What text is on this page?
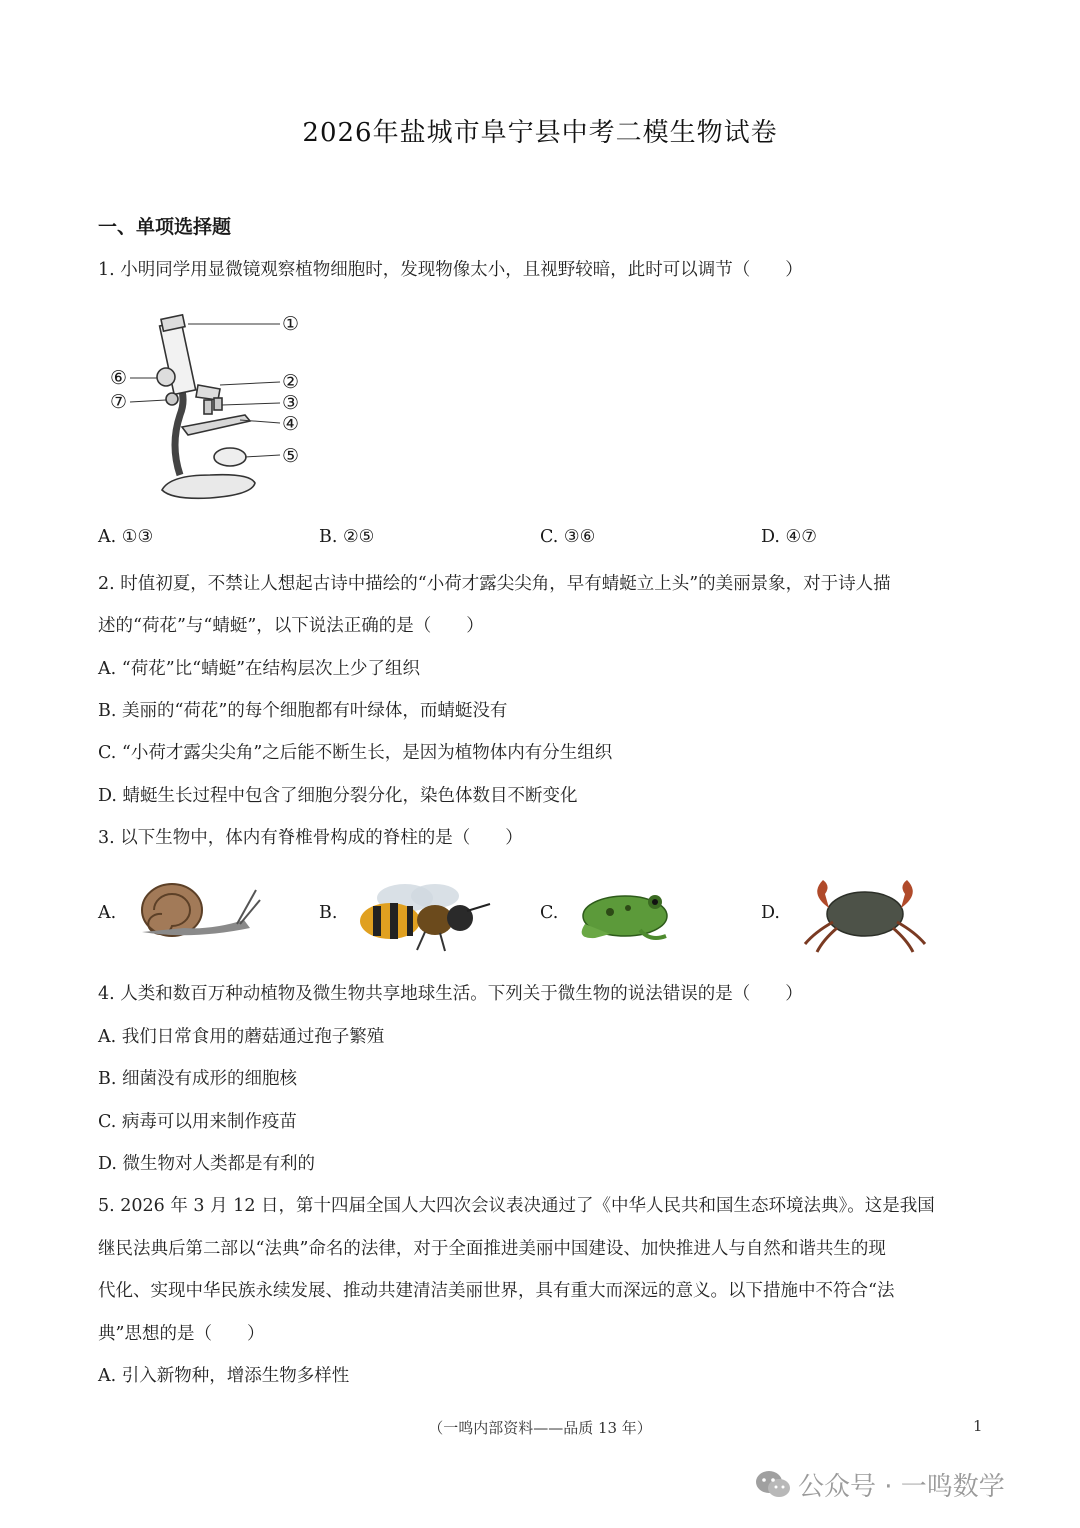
2026年盐城市阜宁县中考二模生物试卷
一、单项选择题
1. 小明同学用显微镜观察植物细胞时，发现物像太小，且视野较暗，此时可以调节（　　）
①
②
③
④
⑤
⑥
⑦
A. ①③	B. ②⑤	C. ③⑥	D. ④⑦
2. 时值初夏，不禁让人想起古诗中描绘的“小荷才露尖尖角，早有蜻蜓立上头”的美丽景象，对于诗人描
述的“荷花”与“蜻蜓”，以下说法正确的是（　　）
A. “荷花”比“蜻蜓”在结构层次上少了组织
B. 美丽的“荷花”的每个细胞都有叶绿体，而蜻蜓没有
C. “小荷才露尖尖角”之后能不断生长，是因为植物体内有分生组织
D. 蜻蜓生长过程中包含了细胞分裂分化，染色体数目不断变化
3. 以下生物中，体内有脊椎骨构成的脊柱的是（　　）
A.	B.	C.	D.
4. 人类和数百万种动植物及微生物共享地球生活。下列关于微生物的说法错误的是（　　）
A. 我们日常食用的蘑菇通过孢子繁殖
B. 细菌没有成形的细胞核
C. 病毒可以用来制作疫苗
D. 微生物对人类都是有利的
5. 2026 年 3 月 12 日，第十四届全国人大四次会议表决通过了《中华人民共和国生态环境法典》。这是我国
继民法典后第二部以“法典”命名的法律，对于全面推进美丽中国建设、加快推进人与自然和谐共生的现
代化、实现中华民族永续发展、推动共建清洁美丽世界，具有重大而深远的意义。以下措施中不符合“法
典”思想的是（　　）
A. 引入新物种，增添生物多样性
（一鸣内部资料——品质 13 年）	1
公众号 · 一鸣数学
